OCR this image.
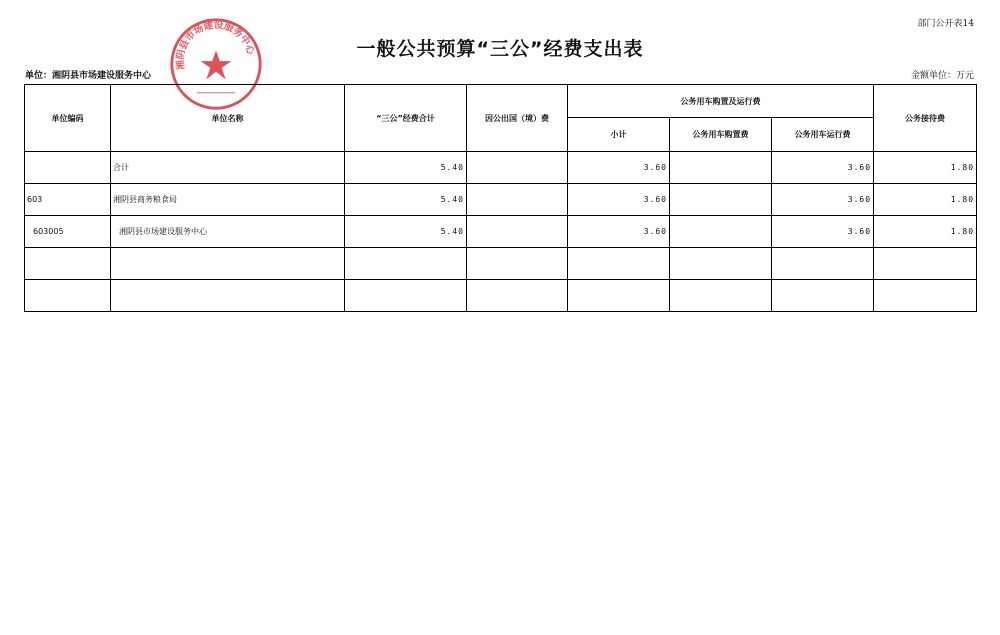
部门公开表14
一般公共预算“三公”经费支出表
单位：湘阴县市场建设服务中心	金额单位：万元
湘阴县市场建设服务中心
单位编码	单位名称	“三公”经费合计	因公出国（境）费	公务用车购置及运行费			公务接待费
				小计	公务用车购置费	公务用车运行费	
	合计	5.40		3.60		3.60	1.80
603	湘阴县商务粮食局	5.40		3.60		3.60	1.80
603005	湘阴县市场建设服务中心	5.40		3.60		3.60	1.80
